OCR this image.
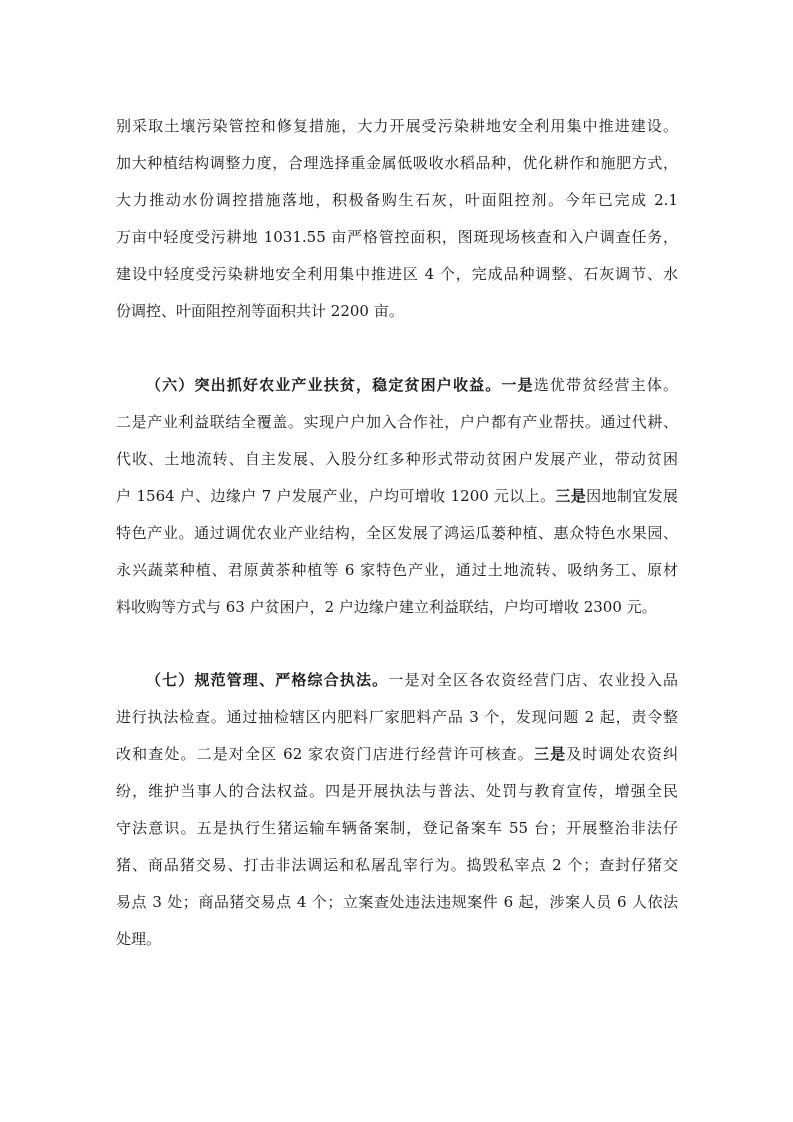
别采取土壤污染管控和修复措施，大力开展受污染耕地安全利用集中推进建设。
加大种植结构调整力度，合理选择重金属低吸收水稻品种，优化耕作和施肥方式，
大力推动水份调控措施落地，积极备购生石灰，叶面阻控剂。今年已完成 2.1
万亩中轻度受污耕地 1031.55 亩严格管控面积，图斑现场核查和入户调查任务，
建设中轻度受污染耕地安全利用集中推进区 4 个，完成品种调整、石灰调节、水
份调控、叶面阻控剂等面积共计 2200 亩。
（六）突出抓好农业产业扶贫，稳定贫困户收益。一是选优带贫经营主体。
二是产业利益联结全覆盖。实现户户加入合作社，户户都有产业帮扶。通过代耕、
代收、土地流转、自主发展、入股分红多种形式带动贫困户发展产业，带动贫困
户 1564 户、边缘户 7 户发展产业，户均可增收 1200 元以上。三是因地制宜发展
特色产业。通过调优农业产业结构，全区发展了鸿运瓜蒌种植、惠众特色水果园、
永兴蔬菜种植、君原黄茶种植等 6 家特色产业，通过土地流转、吸纳务工、原材
料收购等方式与 63 户贫困户，2 户边缘户建立利益联结，户均可增收 2300 元。
（七）规范管理、严格综合执法。一是对全区各农资经营门店、农业投入品
进行执法检查。通过抽检辖区内肥料厂家肥料产品 3 个，发现问题 2 起，责令整
改和查处。二是对全区 62 家农资门店进行经营许可核查。三是及时调处农资纠
纷，维护当事人的合法权益。四是开展执法与普法、处罚与教育宣传，增强全民
守法意识。五是执行生猪运输车辆备案制，登记备案车 55 台；开展整治非法仔
猪、商品猪交易、打击非法调运和私屠乱宰行为。捣毁私宰点 2 个；查封仔猪交
易点 3 处；商品猪交易点 4 个；立案查处违法违规案件 6 起，涉案人员 6 人依法
处理。
